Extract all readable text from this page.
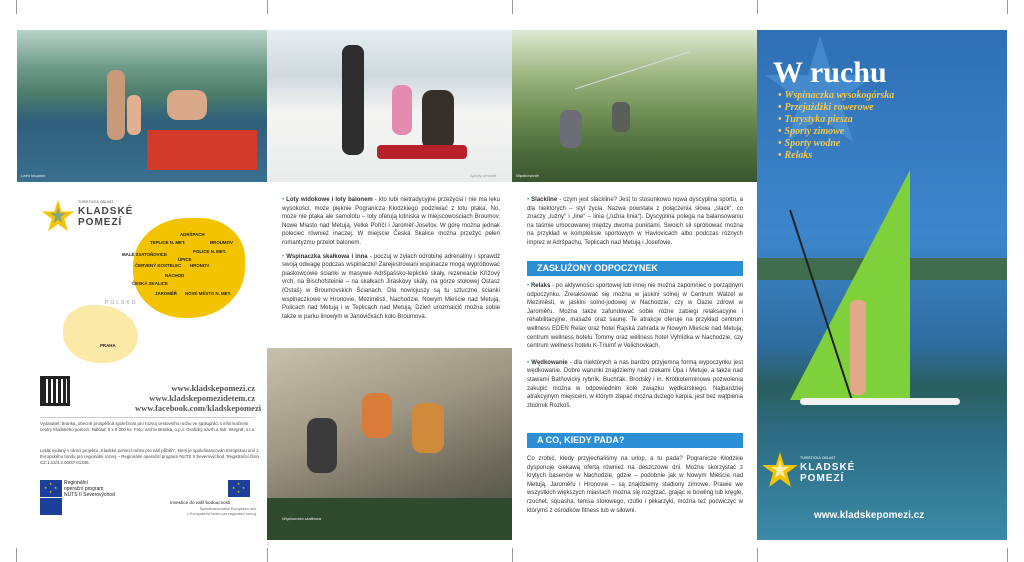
Letní koupání	Sporty zimowe	Wędkowanie
W ruchu
• Wspinaczka wysokogórska
• Przejażdżki rowerowe
• Turystyka piesza
• Sporty zimowe
• Sporty wodne
• Relaks
TURISTICKÁ OBLAST
KLADSKÉ
POMEZÍ
www.kladskepomezi.cz
TURISTICKÁ OBLAST
KLADSKÉ
POMEZÍ
POLSKO
ADRŠPACH
TEPLICE N. MET.	BROUMOV
POLICE N. MET.
MALÉ SVATOŇOVICE
ÚPICE
ČERVENÝ KOSTELEC HRONOV
NÁCHOD
ČESKÁ SKALICE
JAROMĚŘ NOVÉ MĚSTO N. MET.
PRAHA
www.kladskepomezi.cz
www.kladskepomezidetem.cz
www.facebook.com/kladskepomezi
Vydavatel: Branka, obecně prospěšná společnost pro rozvoj cestovního ruchu ve spolupráci s informačními centry Kladského pomezí. Náklad: 5 x 5 000 ks. Foto: archiv Branka, o.p.s. Grafický návrh a tisk: Integraf, s.r.o.
Leták vydaný v rámci projektu „Kladské pomezí-místo pro náš příběh“, který je spolufinancován Evropskou unií z Evropského fondu pro regionální rozvoj – Regionální operační program NUTS II Severovýchod. Registrační číslo CZ.1.13/3.2.00/37.01345.
★
★ ★
★
Regionální
operační program
NUTS II Severovýchod
★
★ ★
★
Investice do vaší budoucnosti
Spolufinancováno Evropskou unií
z Evropského fondu pro regionální rozvoj

• Loty widokowe i loty balonem - kto lubi nietradycyjne przeżycia i nie ma lęku wysokości, może pięknie Pogranicza Kłodzkiego podziwiać z lotu ptaka. No, może nie ptaka ale samolotu – loty oferują lotniska w miejscowościach Broumov, Nowe Miasto nad Metują, Velké Poříčí i Jaroměř-Josefov. W górę można jednak polecieć również inaczej. W miejscie Česká Skalice można przeżyć pełen romantyzmu przelot balonem.

• Wspinaczka skałkowa i inna - poczuj w żyłach odrobinę adrenaliny i sprawdź swoją odwagę podczas wspinaczki! Zarejestrowani wspinacze mogą wypróbować piaskowcowe ścianki w masywie Adršpašsko-teplické skały, rezerwacie Křížový vrch, na Bischofsteinie – na skałkach Jiráskovy skály, na górze stołowej Ostasz (Ostaš) w Broumovskich Ścianach. Dla nowicjuszy są tu sztuczne ścianki wspinaczkowe w Hronovie, Meziměsti, Nachodzie, Nowym Mieście nad Metują, Policach nad Metują i w Teplicach nad Metują. Dzień urozmaicić można sobie także w parku linowym w Janovičkách koło Broumova.

Wspinaczka skałkowa
2

• Slackline - czym jest slackline? Jest to stosunkowo nowa dyscyplina sportu, a dla niektórych – styl życia. Nazwa powstała z połączenia słowa „slack“, co znaczy „luźny“ i „line“ – linia („luźna linia“). Dyscyplina polega na balansowaniu na taśmie umocowanej między dwoma punktami. Swoich sił spróbować można na przykład w kompleksie sportowym w Havlovicach albo podczas różnych imprez w Adršpachu, Teplicach nad Metują i Josefovie.

ZASŁUŻONY ODPOCZYNEK

• Relaks - po aktywności sportowej lub innej nie można zapomnieć o porządnym odpoczynku. Zrelaksować się można w jaskini solnej w Centrum Walzel w Meziměsti, w jaskini solno-jodowej w Nachodzie, czy w Oazie zdrowi w Jaroměřu. Można także zafundować sobie różne zabiegi relaksacyjne i rehabilitacyjne, masaże oraz saunę. Te atrakcje oferuje na przykład centrum wellness EDEN Relax oraz hotel Rajská zahrada w Nowym Mieście nad Metują, centrum wellness hotelu Tommy oraz wellness hotel Vyhlídka w Nachodzie, czy centrum wellness hotelu K-Triumf w Velichovkach.

• Wędkowanie - dla niektórych a nas bardzo przyjemną formą wypoczynku jest wędkowanie. Dobre warunki znajdziemy nad rzekami Úpa i Metuje, a także nad stawami Batňovický rybník, Buchťák, Brodský i in. Krótkoterminowe pozwolenia zakupić można w odpowiednim kole związku wędkarskiego. Najbardziej atrakcyjnym miejscem, w którym złapać można dużego karpia, jest bez wątpienia zbiornik Rozkoš.

A CO, KIEDY PADA?

Co zrobić, kiedy przyjechaliśmy na urlop, a tu pada? Pogranicze Kłodzkie dysponuje ciekawą ofertą również na deszczowe dni. Można skorzystać z krytych basenów w Nachodzie, gdzie – podobnie jak w Nowym Mieście nad Metują, Jaroměřu i Hronovie – są znajdziemy stadiony zimowe. Prawie we wszystkich większych miastach można się rozgrzać, grając w bowling lub kręgle, rzochet, squasha, tenisa stołowego, rzutki i piłkarzyki, można też poćwiczyć w którymś z ośrodków fitness lub w siłowni.
